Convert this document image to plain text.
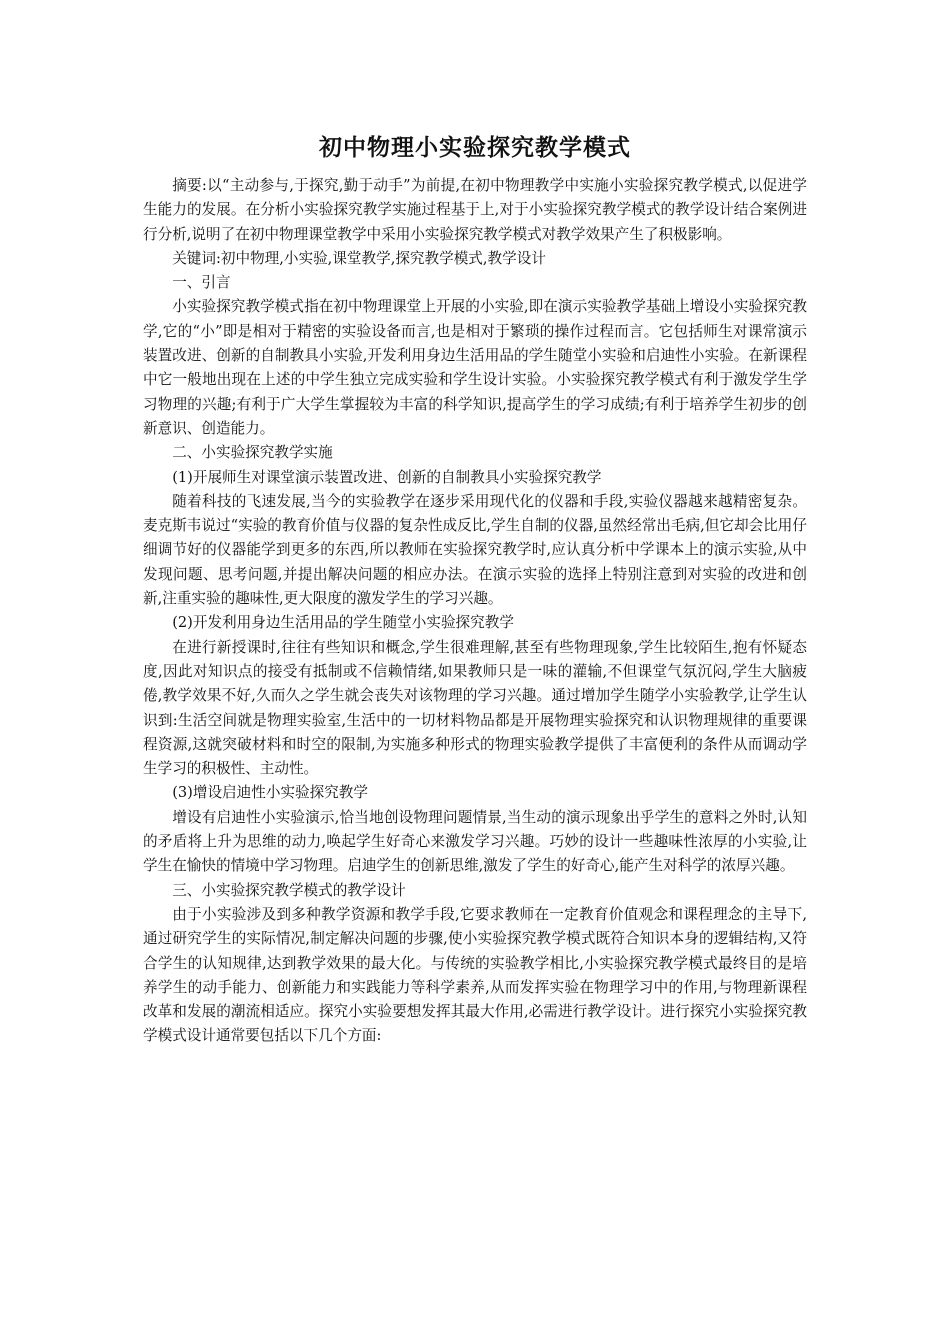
初中物理小实验探究教学模式

摘要:以“主动参与,于探究,勤于动手”为前提,在初中物理教学中实施小实验探究教学模式,以促进学生能力的发展。在分析小实验探究教学实施过程基于上,对于小实验探究教学模式的教学设计结合案例进行分析,说明了在初中物理课堂教学中采用小实验探究教学模式对教学效果产生了积极影响。

关键词:初中物理,小实验,课堂教学,探究教学模式,教学设计

一、引言

小实验探究教学模式指在初中物理课堂上开展的小实验,即在演示实验教学基础上增设小实验探究教学,它的“小”即是相对于精密的实验设备而言,也是相对于繁琐的操作过程而言。它包括师生对课常演示装置改进、创新的自制教具小实验,开发利用身边生活用品的学生随堂小实验和启迪性小实验。在新课程中它一般地出现在上述的中学生独立完成实验和学生设计实验。小实验探究教学模式有利于激发学生学习物理的兴趣;有利于广大学生掌握较为丰富的科学知识,提高学生的学习成绩;有利于培养学生初步的创新意识、创造能力。

二、小实验探究教学实施

(1)开展师生对课堂演示装置改进、创新的自制教具小实验探究教学

随着科技的飞速发展,当今的实验教学在逐步采用现代化的仪器和手段,实验仪器越来越精密复杂。麦克斯韦说过“实验的教育价值与仪器的复杂性成反比,学生自制的仪器,虽然经常出毛病,但它却会比用仔细调节好的仪器能学到更多的东西,所以教师在实验探究教学时,应认真分析中学课本上的演示实验,从中发现问题、思考问题,并提出解决问题的相应办法。在演示实验的选择上特别注意到对实验的改进和创新,注重实验的趣味性,更大限度的激发学生的学习兴趣。

(2)开发利用身边生活用品的学生随堂小实验探究教学

在进行新授课时,往往有些知识和概念,学生很难理解,甚至有些物理现象,学生比较陌生,抱有怀疑态度,因此对知识点的接受有抵制或不信赖情绪,如果教师只是一味的灌输,不但课堂气氛沉闷,学生大脑疲倦,教学效果不好,久而久之学生就会丧失对该物理的学习兴趣。通过增加学生随学小实验教学,让学生认识到:生活空间就是物理实验室,生活中的一切材料物品都是开展物理实验探究和认识物理规律的重要课程资源,这就突破材料和时空的限制,为实施多种形式的物理实验教学提供了丰富便利的条件从而调动学生学习的积极性、主动性。

(3)增设启迪性小实验探究教学

增设有启迪性小实验演示,恰当地创设物理问题情景,当生动的演示现象出乎学生的意料之外时,认知的矛盾将上升为思维的动力,唤起学生好奇心来激发学习兴趣。巧妙的设计一些趣味性浓厚的小实验,让学生在愉快的情境中学习物理。启迪学生的创新思维,激发了学生的好奇心,能产生对科学的浓厚兴趣。

三、小实验探究教学模式的教学设计

由于小实验涉及到多种教学资源和教学手段,它要求教师在一定教育价值观念和课程理念的主导下,通过研究学生的实际情况,制定解决问题的步骤,使小实验探究教学模式既符合知识本身的逻辑结构,又符合学生的认知规律,达到教学效果的最大化。与传统的实验教学相比,小实验探究教学模式最终目的是培养学生的动手能力、创新能力和实践能力等科学素养,从而发挥实验在物理学习中的作用,与物理新课程改革和发展的潮流相适应。探究小实验要想发挥其最大作用,必需进行教学设计。进行探究小实验探究教学模式设计通常要包括以下几个方面:
